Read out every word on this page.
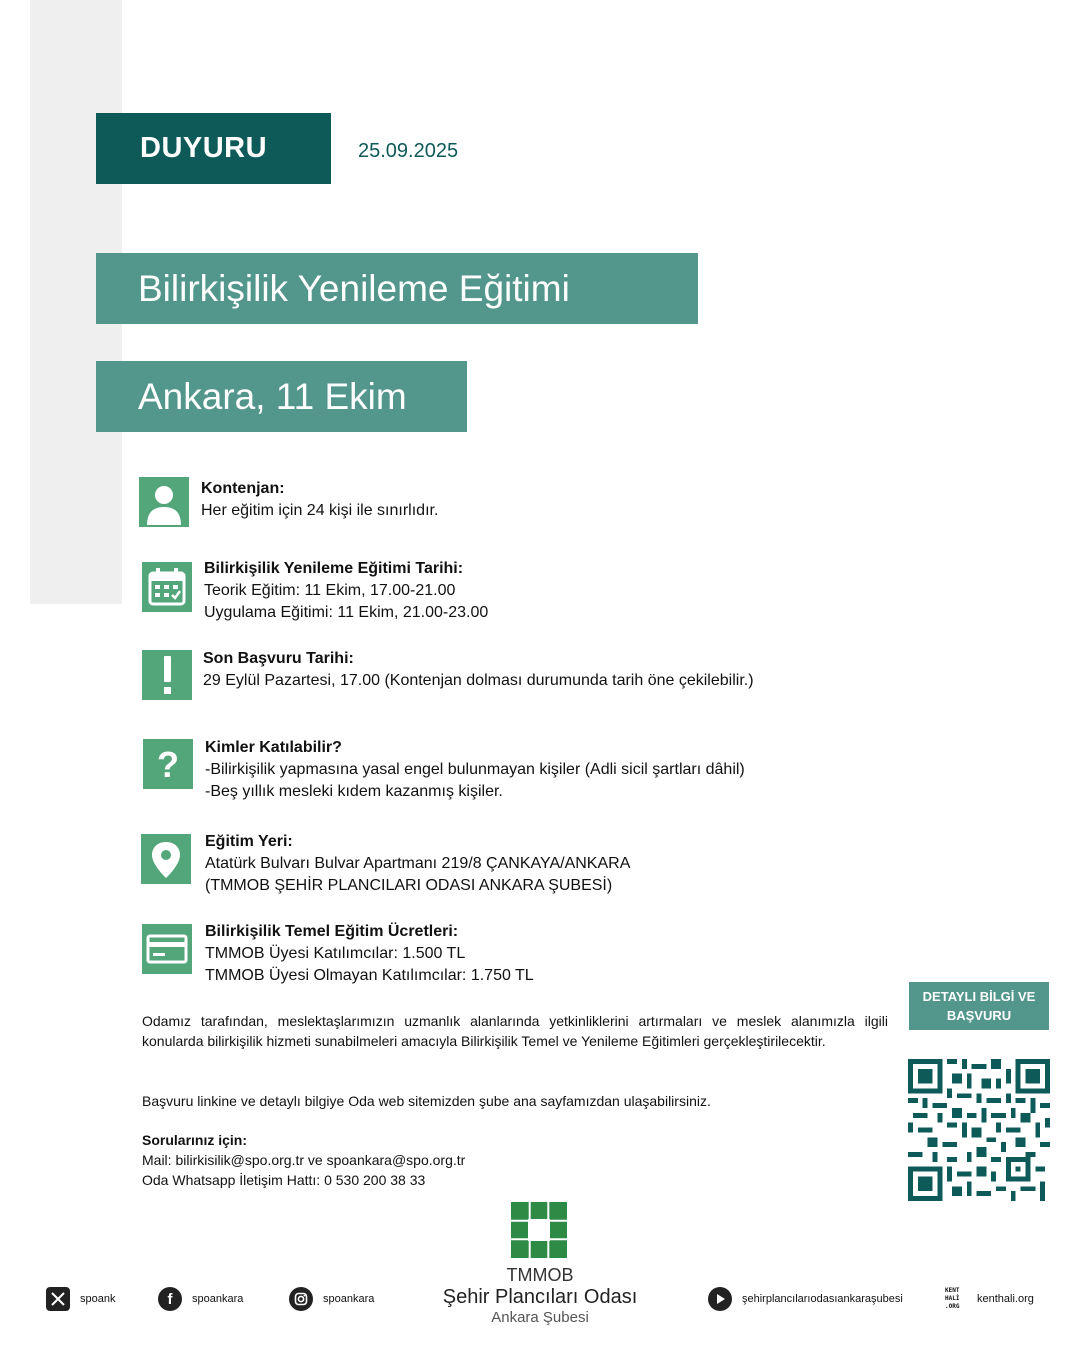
DUYURU	25.09.2025
Bilirkişilik Yenileme Eğitimi
Ankara, 11 Ekim
Kontenjan:
Her eğitim için 24 kişi ile sınırlıdır.
Bilirkişilik Yenileme Eğitimi Tarihi:
Teorik Eğitim: 11 Ekim, 17.00-21.00
Uygulama Eğitimi: 11 Ekim, 21.00-23.00
Son Başvuru Tarihi:
29 Eylül Pazartesi, 17.00 (Kontenjan dolması durumunda tarih öne çekilebilir.)
? Kimler Katılabilir?
-Bilirkişilik yapmasına yasal engel bulunmayan kişiler (Adli sicil şartları dâhil)
-Beş yıllık mesleki kıdem kazanmış kişiler.
Eğitim Yeri:
Atatürk Bulvarı Bulvar Apartmanı 219/8 ÇANKAYA/ANKARA
(TMMOB ŞEHİR PLANCILARI ODASI ANKARA ŞUBESİ)
Bilirkişilik Temel Eğitim Ücretleri:
TMMOB Üyesi Katılımcılar: 1.500 TL
TMMOB Üyesi Olmayan Katılımcılar: 1.750 TL
Odamız tarafından, meslektaşlarımızın uzmanlık alanlarında yetkinliklerini artırmaları ve meslek alanımızla ilgili konularda bilirkişilik hizmeti sunabilmeleri amacıyla Bilirkişilik Temel ve Yenileme Eğitimleri gerçekleştirilecektir.
Başvuru linkine ve detaylı bilgiye Oda web sitemizden şube ana sayfamızdan ulaşabilirsiniz.
Sorularınız için:
Mail: bilirkisilik@spo.org.tr ve spoankara@spo.org.tr
Oda Whatsapp İletişim Hattı: 0 530 200 38 33
DETAYLI BİLGİ VE
BAŞVURU
TMMOB
Şehir Plancıları Odası
Ankara Şubesi
spoank	f spoankara	spoankara	şehirplancılarıodasıankaraşubesi
KENT HALİ .ORG
kenthali.org
